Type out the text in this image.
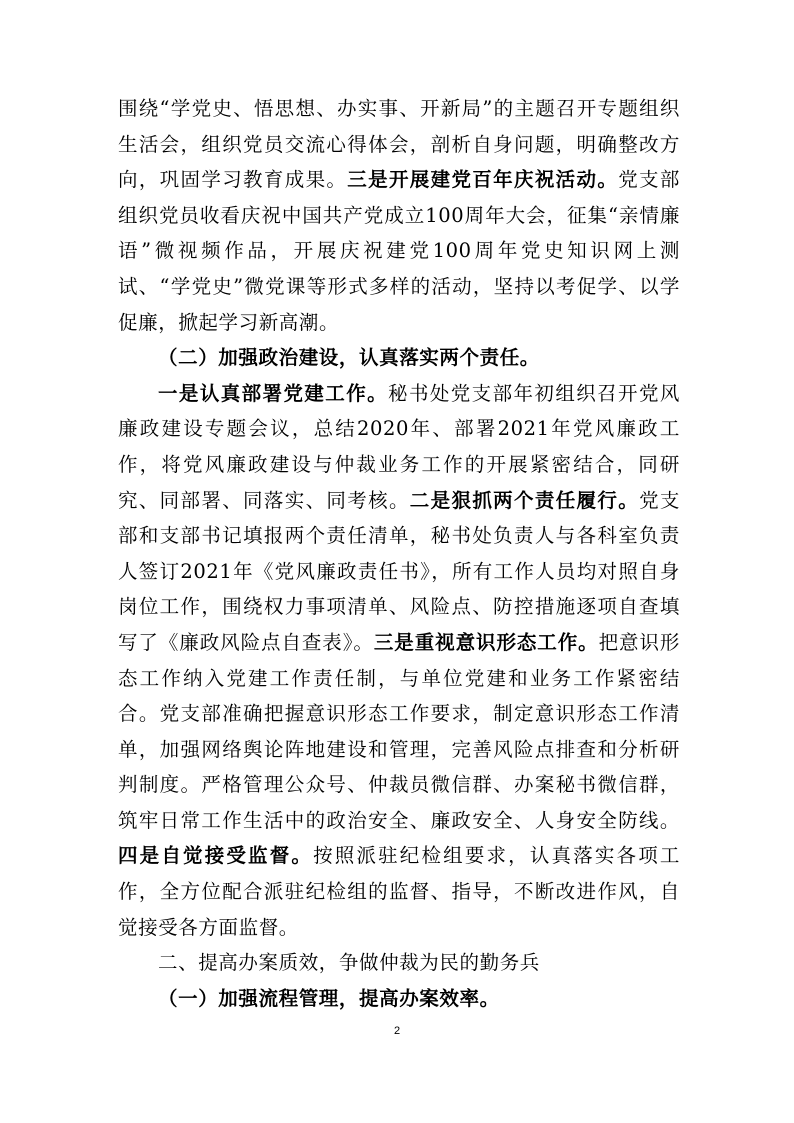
围绕“学党史、悟思想、办实事、开新局”的主题召开专题组织生活会，组织党员交流心得体会，剖析自身问题，明确整改方向，巩固学习教育成果。三是开展建党百年庆祝活动。党支部组织党员收看庆祝中国共产党成立100周年大会，征集“亲情廉语”微视频作品，开展庆祝建党100周年党史知识网上测试、“学党史”微党课等形式多样的活动，坚持以考促学、以学促廉，掀起学习新高潮。

（二）加强政治建设，认真落实两个责任。

一是认真部署党建工作。秘书处党支部年初组织召开党风廉政建设专题会议，总结2020年、部署2021年党风廉政工作，将党风廉政建设与仲裁业务工作的开展紧密结合，同研究、同部署、同落实、同考核。二是狠抓两个责任履行。党支部和支部书记填报两个责任清单，秘书处负责人与各科室负责人签订2021年《党风廉政责任书》，所有工作人员均对照自身岗位工作，围绕权力事项清单、风险点、防控措施逐项自查填写了《廉政风险点自查表》。三是重视意识形态工作。把意识形态工作纳入党建工作责任制，与单位党建和业务工作紧密结合。党支部准确把握意识形态工作要求，制定意识形态工作清单，加强网络舆论阵地建设和管理，完善风险点排查和分析研判制度。严格管理公众号、仲裁员微信群、办案秘书微信群，筑牢日常工作生活中的政治安全、廉政安全、人身安全防线。四是自觉接受监督。按照派驻纪检组要求，认真落实各项工作，全方位配合派驻纪检组的监督、指导，不断改进作风，自觉接受各方面监督。

二、提高办案质效，争做仲裁为民的勤务兵

（一）加强流程管理，提高办案效率。

2
